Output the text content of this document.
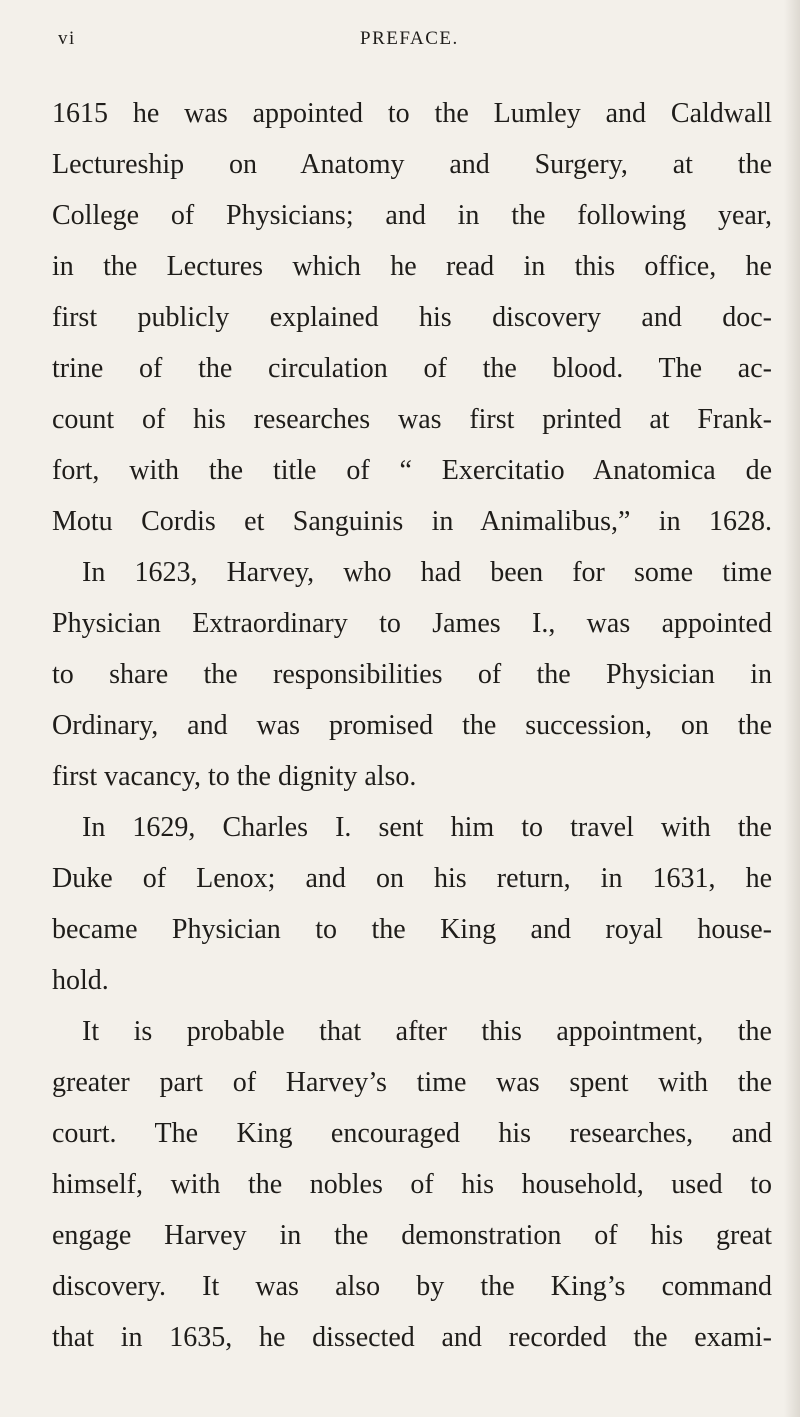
vi	PREFACE.
1615 he was appointed to the Lumley and Caldwall
Lectureship on Anatomy and Surgery, at the
College of Physicians; and in the following year,
in the Lectures which he read in this office, he
first publicly explained his discovery and doc-
trine of the circulation of the blood. The ac-
count of his researches was first printed at Frank-
fort, with the title of “ Exercitatio Anatomica de
Motu Cordis et Sanguinis in Animalibus,” in 1628.
In 1623, Harvey, who had been for some time
Physician Extraordinary to James I., was appointed
to share the responsibilities of the Physician in
Ordinary, and was promised the succession, on the
first vacancy, to the dignity also.
In 1629, Charles I. sent him to travel with the
Duke of Lenox; and on his return, in 1631, he
became Physician to the King and royal house-
hold.
It is probable that after this appointment, the
greater part of Harvey’s time was spent with the
court. The King encouraged his researches, and
himself, with the nobles of his household, used to
engage Harvey in the demonstration of his great
discovery. It was also by the King’s command
that in 1635, he dissected and recorded the exami-
